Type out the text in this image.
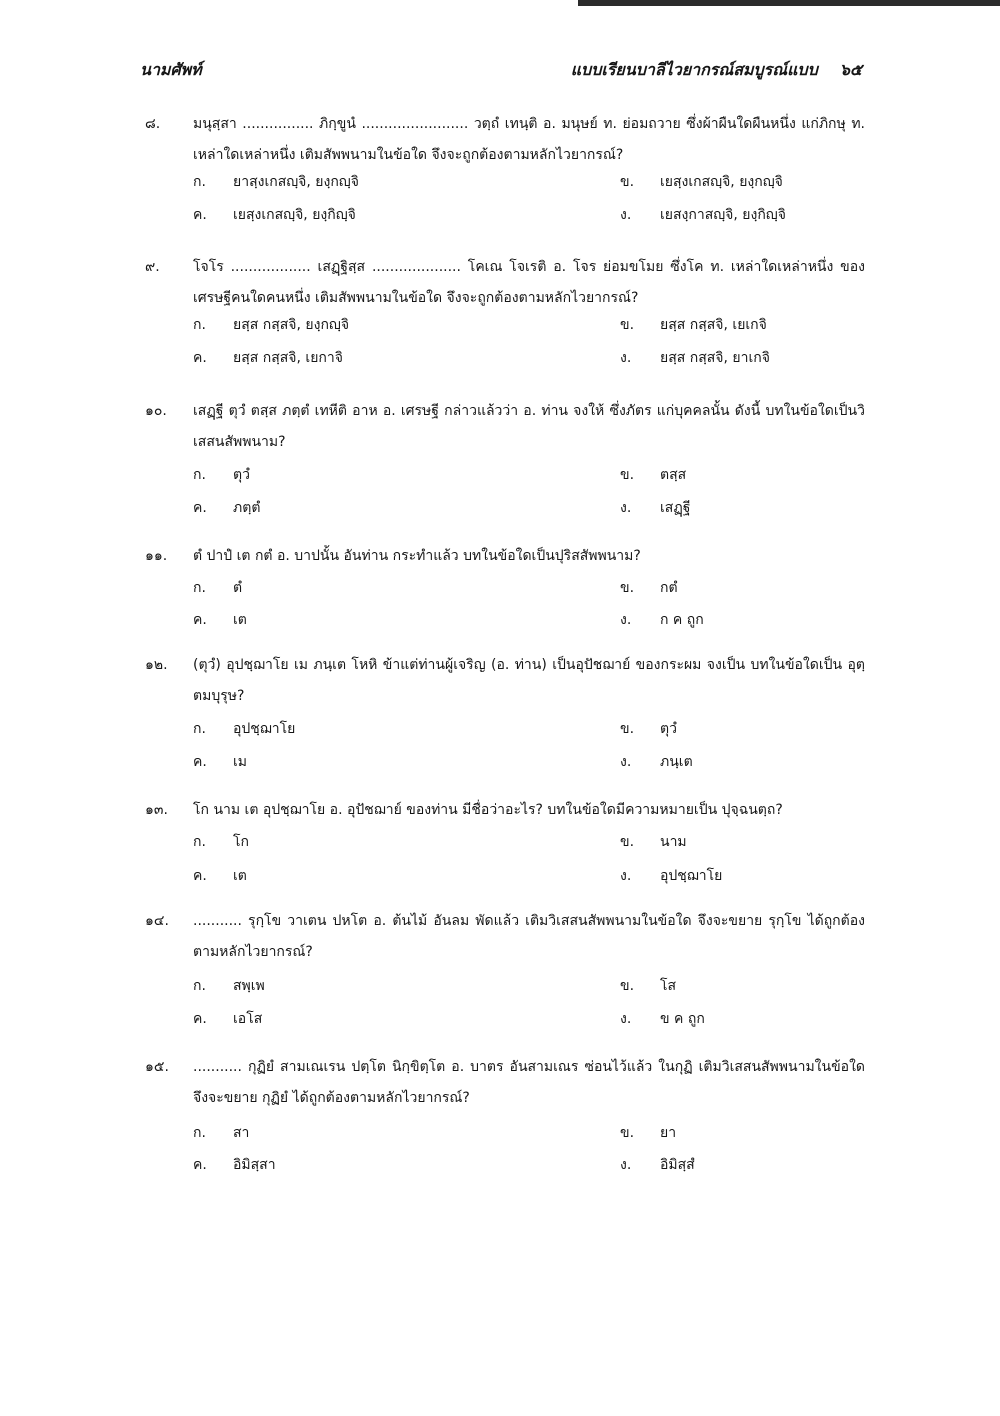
นามศัพท์	แบบเรียนบาลีไวยากรณ์สมบูรณ์แบบ ๖๕
๘. มนุสฺสา ................ ภิกฺขูนํ ........................ วตฺถํ เทนฺติ อ. มนุษย์ ท. ย่อมถวาย ซึ่งผ้าผืนใดผืนหนึ่ง แก่ภิกษุ ท. เหล่าใดเหล่าหนึ่ง เติมสัพพนามในข้อใด จึงจะถูกต้องตามหลักไวยากรณ์?
ก. ยาสฺงเกสญฺจิ, ยงฺกญฺจิ	ข. เยสฺงเกสญฺจิ, ยงฺกญฺจิ
ค. เยสฺงเกสญฺจิ, ยงฺกิญฺจิ	ง. เยสงฺกาสญฺจิ, ยงฺกิญฺจิ
๙. โจโร .................. เสฏฺฐิสฺส .................... โคเณ โจเรติ อ. โจร ย่อมขโมย ซึ่งโค ท. เหล่าใดเหล่าหนึ่ง ของเศรษฐีคนใดคนหนึ่ง เติมสัพพนามในข้อใด จึงจะถูกต้องตามหลักไวยากรณ์?
ก. ยสฺส กสฺสจิ, ยงฺกญฺจิ	ข. ยสฺส กสฺสจิ, เยเกจิ
ค. ยสฺส กสฺสจิ, เยกาจิ	ง. ยสฺส กสฺสจิ, ยาเกจิ
๑๐. เสฏฺฐี ตุวํ ตสฺส ภตฺตํ เทหีติ อาห อ. เศรษฐี กล่าวแล้วว่า อ. ท่าน จงให้ ซึ่งภัตร แก่บุคคลนั้น ดังนี้ บทในข้อใดเป็นวิเสสนสัพพนาม?
ก. ตุวํ	ข. ตสฺส
ค. ภตฺตํ	ง. เสฏฺฐี
๑๑. ตํ ปาปํ เต กตํ อ. บาปนั้น อันท่าน กระทำแล้ว บทในข้อใดเป็นปุริสสัพพนาม?
ก. ตํ	ข. กตํ
ค. เต	ง. ก ค ถูก
๑๒. (ตุวํ) อุปชฺฌาโย เม ภนฺเต โหหิ ข้าแต่ท่านผู้เจริญ (อ. ท่าน) เป็นอุปัชฌาย์ ของกระผม จงเป็น บทในข้อใดเป็น อุตฺตมบุรุษ?
ก. อุปชฺฌาโย	ข. ตุวํ
ค. เม	ง. ภนฺเต
๑๓. โก นาม เต อุปชฺฌาโย อ. อุปัชฌาย์ ของท่าน มีชื่อว่าอะไร? บทในข้อใดมีความหมายเป็น ปุจฺฉนตฺถ?
ก. โก	ข. นาม
ค. เต	ง. อุปชฺฌาโย
๑๔. ........... รุกฺโข วาเตน ปหโต อ. ต้นไม้ อันลม พัดแล้ว เติมวิเสสนสัพพนามในข้อใด จึงจะขยาย รุกฺโข ได้ถูกต้องตามหลักไวยากรณ์?
ก. สพฺเพ	ข. โส
ค. เอโส	ง. ข ค ถูก
๑๕. ........... กุฏิยํ สามเณเรน ปตฺโต นิกฺขิตฺโต อ. บาตร อันสามเณร ซ่อนไว้แล้ว ในกุฏิ เติมวิเสสนสัพพนามในข้อใด จึงจะขยาย กุฏิยํ ได้ถูกต้องตามหลักไวยากรณ์?
ก. สา	ข. ยา
ค. อิมิสฺสา	ง. อิมิสฺสํ
